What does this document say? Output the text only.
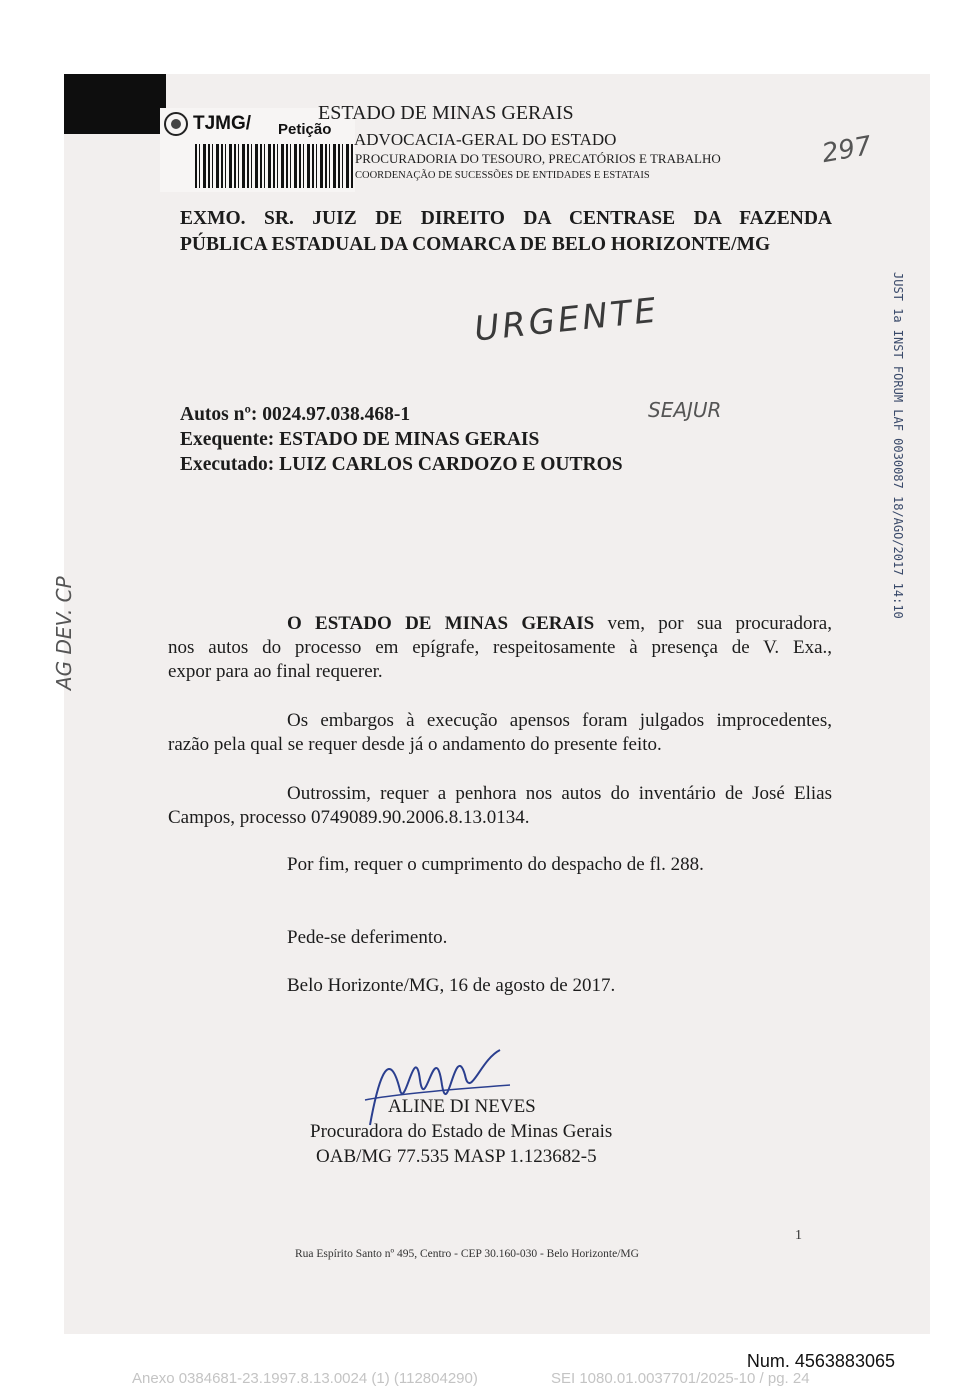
TJMG/ Petição
ESTADO DE MINAS GERAIS
ADVOCACIA-GERAL DO ESTADO
PROCURADORIA DO TESOURO, PRECATÓRIOS E TRABALHO
COORDENAÇÃO DE SUCESSÕES DE ENTIDADES E ESTATAIS
297
EXMO. SR. JUIZ DE DIREITO DA CENTRASE DA FAZENDA
PÚBLICA ESTADUAL DA COMARCA DE BELO HORIZONTE/MG
JUST 1a INST FORUM LAF 0030087 18/AGO/2017 14:10
URGENTE
SEAJUR
AG DEV. CP
Autos nº: 0024.97.038.468-1
Exequente: ESTADO DE MINAS GERAIS
Executado: LUIZ CARLOS CARDOZO E OUTROS
O ESTADO DE MINAS GERAIS vem, por sua procuradora,
nos autos do processo em epígrafe, respeitosamente à presença de V. Exa.,
expor para ao final requerer.
Os embargos à execução apensos foram julgados improcedentes,
razão pela qual se requer desde já o andamento do presente feito.
Outrossim, requer a penhora nos autos do inventário de José Elias
Campos, processo 0749089.90.2006.8.13.0134.
Por fim, requer o cumprimento do despacho de fl. 288.
Pede-se deferimento.
Belo Horizonte/MG, 16 de agosto de 2017.
ALINE DI NEVES
Procuradora do Estado de Minas Gerais
OAB/MG 77.535 MASP 1.123682-5
1
Rua Espírito Santo nº 495, Centro - CEP 30.160-030 - Belo Horizonte/MG
Num. 4563883065
Anexo 0384681-23.1997.8.13.0024 (1) (112804290)	SEI 1080.01.0037701/2025-10 / pg. 24
